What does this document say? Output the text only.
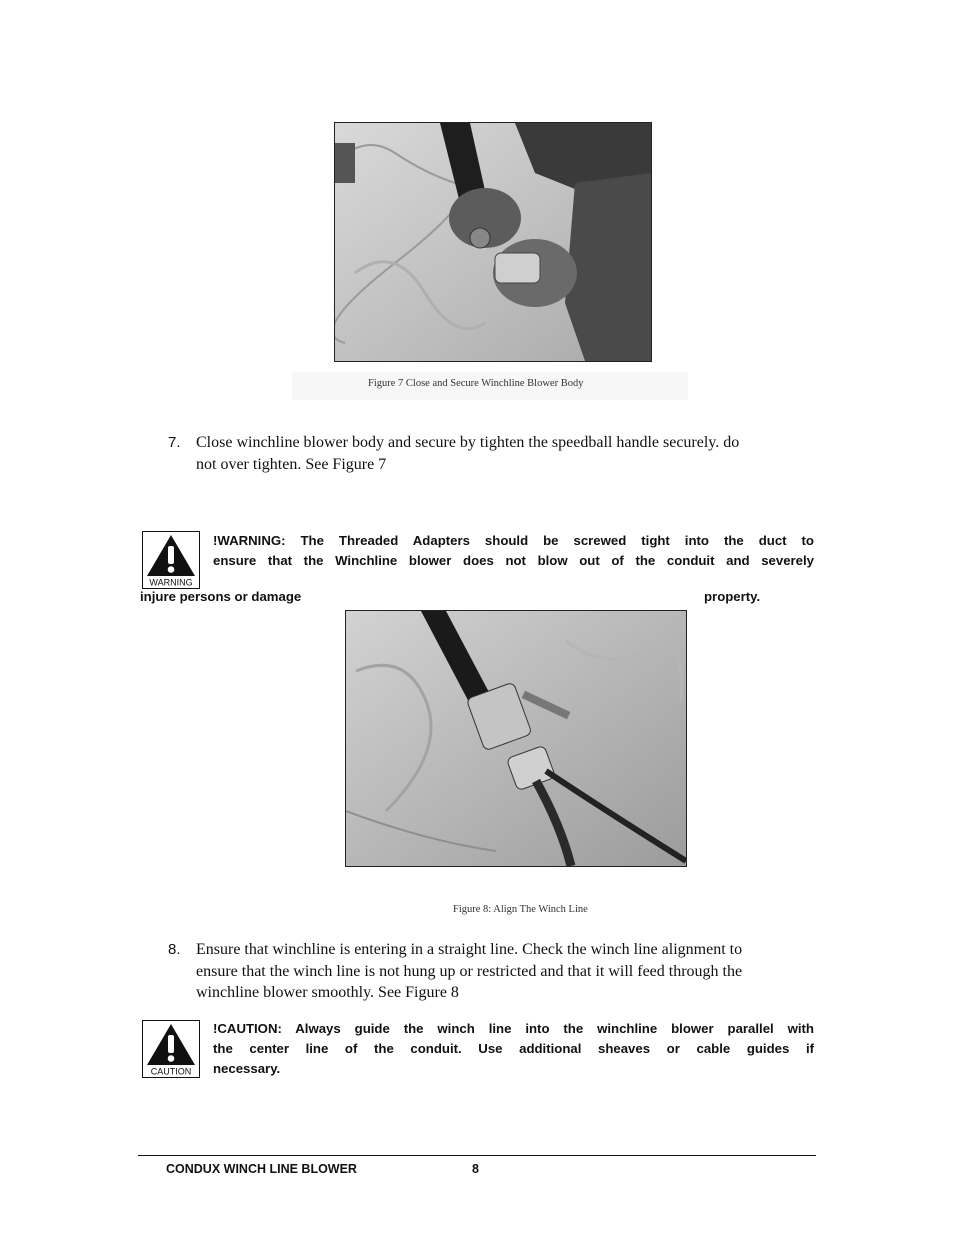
Figure 7 Close and Secure Winchline Blower Body
7. Close winchline blower body and secure by tighten the speedball handle securely. do
not over tighten. See Figure 7
WARNING
!WARNING: The Threaded Adapters should be screwed tight into the duct to
ensure that the Winchline blower does not blow out of the conduit and severely
injure persons or damage	property.
Figure 8: Align The Winch Line
8. Ensure that winchline is entering in a straight line. Check the winch line alignment to
ensure that the winch line is not hung up or restricted and that it will feed through the
winchline blower smoothly. See Figure 8
CAUTION
!CAUTION: Always guide the winch line into the winchline blower parallel with
the center line of the conduit. Use additional sheaves or cable guides if
necessary.
CONDUX WINCH LINE BLOWER	8
